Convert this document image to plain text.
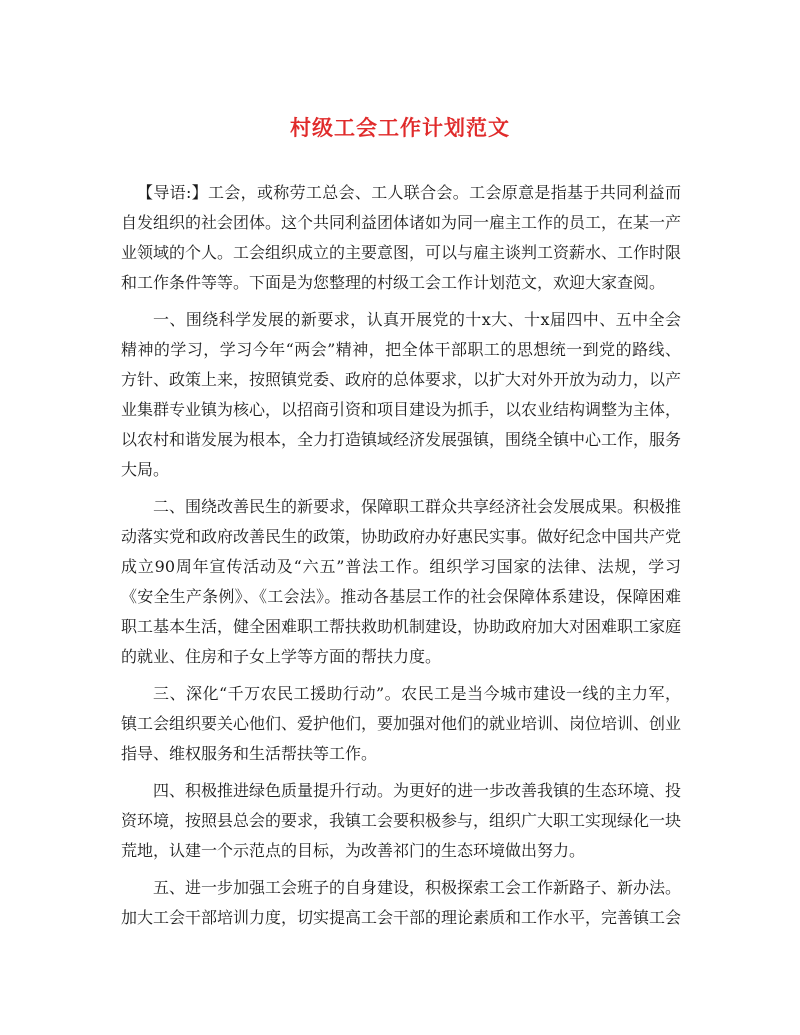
村级工会工作计划范文

【导语:】工会，或称劳工总会、工人联合会。工会原意是指基于共同利益而自发组织的社会团体。这个共同利益团体诸如为同一雇主工作的员工，在某一产业领域的个人。工会组织成立的主要意图，可以与雇主谈判工资薪水、工作时限和工作条件等等。下面是为您整理的村级工会工作计划范文，欢迎大家查阅。

一、围绕科学发展的新要求，认真开展党的十x大、十x届四中、五中全会精神的学习，学习今年“两会”精神，把全体干部职工的思想统一到党的路线、方针、政策上来，按照镇党委、政府的总体要求，以扩大对外开放为动力，以产业集群专业镇为核心，以招商引资和项目建设为抓手，以农业结构调整为主体，以农村和谐发展为根本，全力打造镇域经济发展强镇，围绕全镇中心工作，服务大局。

二、围绕改善民生的新要求，保障职工群众共享经济社会发展成果。积极推动落实党和政府改善民生的政策，协助政府办好惠民实事。做好纪念中国共产党成立90周年宣传活动及“六五”普法工作。组织学习国家的法律、法规，学习《安全生产条例》、《工会法》。推动各基层工作的社会保障体系建设，保障困难职工基本生活，健全困难职工帮扶救助机制建设，协助政府加大对困难职工家庭的就业、住房和子女上学等方面的帮扶力度。

三、深化“千万农民工援助行动”。农民工是当今城市建设一线的主力军，镇工会组织要关心他们、爱护他们，要加强对他们的就业培训、岗位培训、创业指导、维权服务和生活帮扶等工作。

四、积极推进绿色质量提升行动。为更好的进一步改善我镇的生态环境、投资环境，按照县总会的要求，我镇工会要积极参与，组织广大职工实现绿化一块荒地，认建一个示范点的目标，为改善祁门的生态环境做出努力。

五、进一步加强工会班子的自身建设，积极探索工会工作新路子、新办法。加大工会干部培训力度，切实提高工会干部的理论素质和工作水平，完善镇工会
